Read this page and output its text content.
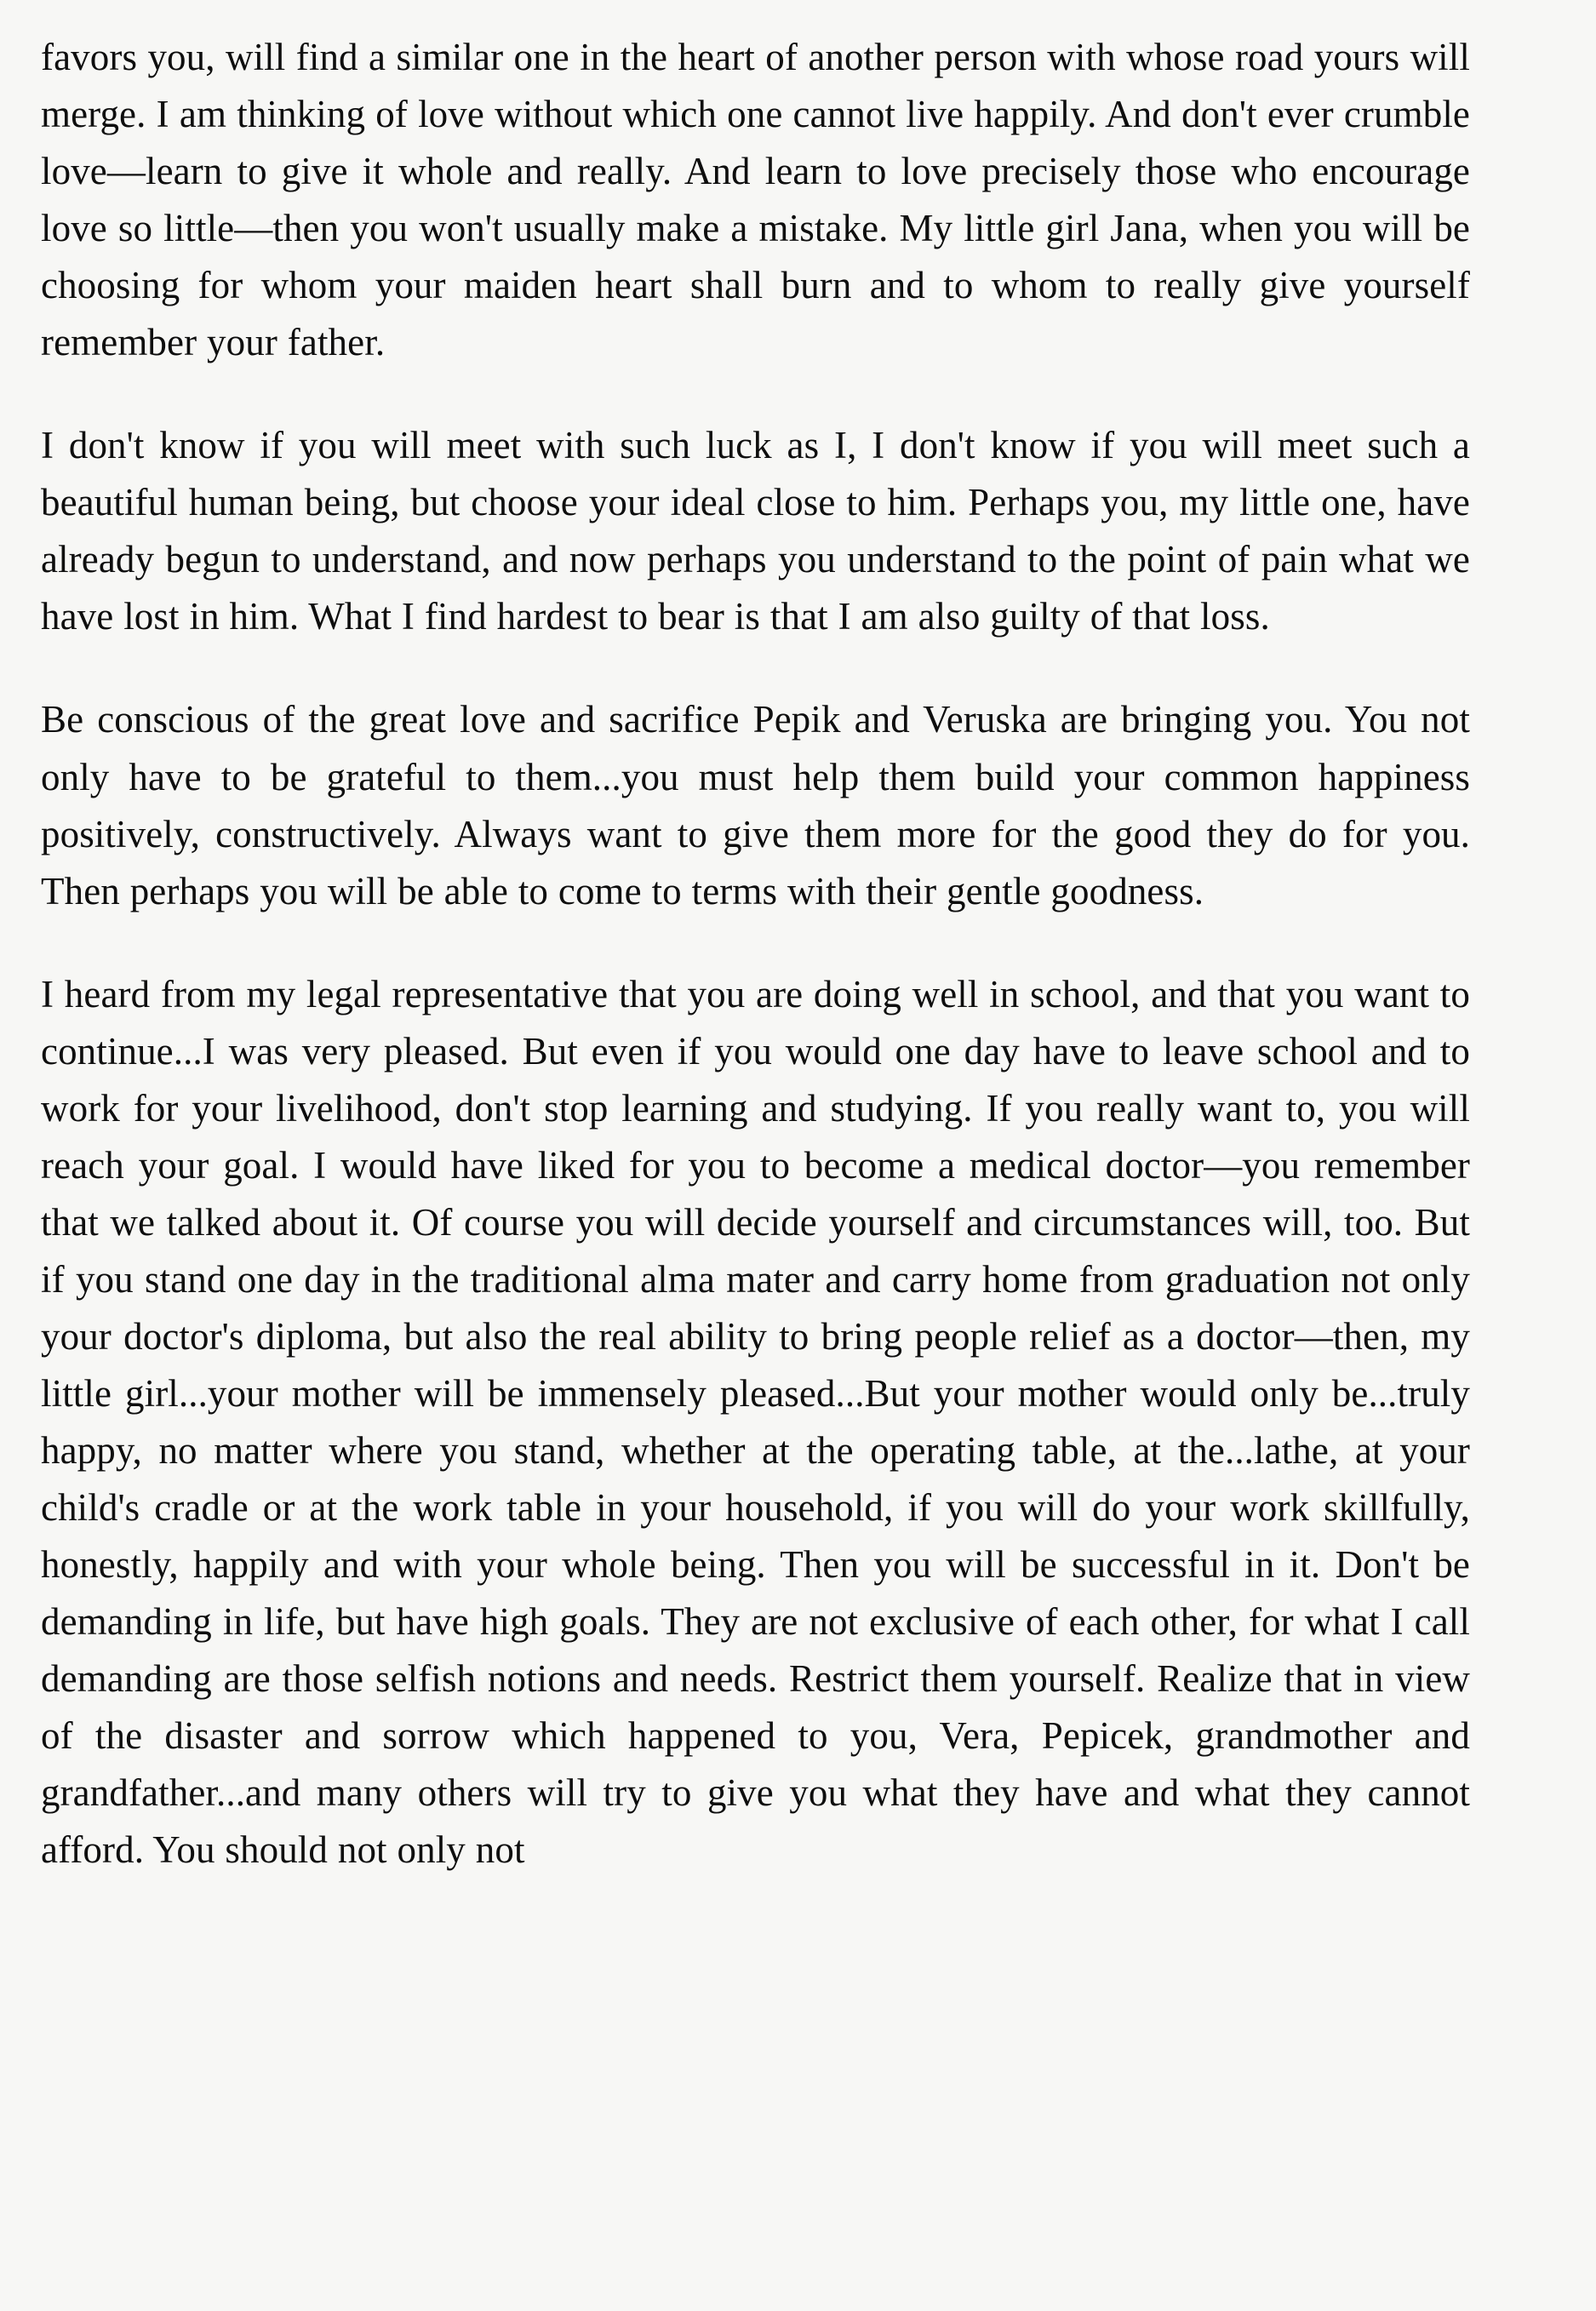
favors you, will find a similar one in the heart of another person with whose road yours will merge. I am thinking of love without which one cannot live happily. And don't ever crumble love—learn to give it whole and really. And learn to love precisely those who encourage love so little—then you won't usually make a mistake. My little girl Jana, when you will be choosing for whom your maiden heart shall burn and to whom to really give yourself remember your father.

I don't know if you will meet with such luck as I, I don't know if you will meet such a beautiful human being, but choose your ideal close to him. Perhaps you, my little one, have already begun to understand, and now perhaps you understand to the point of pain what we have lost in him. What I find hardest to bear is that I am also guilty of that loss.

Be conscious of the great love and sacrifice Pepik and Veruska are bringing you. You not only have to be grateful to them...you must help them build your common happiness positively, constructively. Always want to give them more for the good they do for you. Then perhaps you will be able to come to terms with their gentle goodness.

I heard from my legal representative that you are doing well in school, and that you want to continue...I was very pleased. But even if you would one day have to leave school and to work for your livelihood, don't stop learning and studying. If you really want to, you will reach your goal. I would have liked for you to become a medical doctor—you remember that we talked about it. Of course you will decide yourself and circumstances will, too. But if you stand one day in the traditional alma mater and carry home from graduation not only your doctor's diploma, but also the real ability to bring people relief as a doctor—then, my little girl...your mother will be immensely pleased...But your mother would only be...truly happy, no matter where you stand, whether at the operating table, at the...lathe, at your child's cradle or at the work table in your household, if you will do your work skillfully, honestly, happily and with your whole being. Then you will be successful in it. Don't be demanding in life, but have high goals. They are not exclusive of each other, for what I call demanding are those selfish notions and needs. Restrict them yourself. Realize that in view of the disaster and sorrow which happened to you, Vera, Pepicek, grandmother and grandfather...and many others will try to give you what they have and what they cannot afford. You should not only not
